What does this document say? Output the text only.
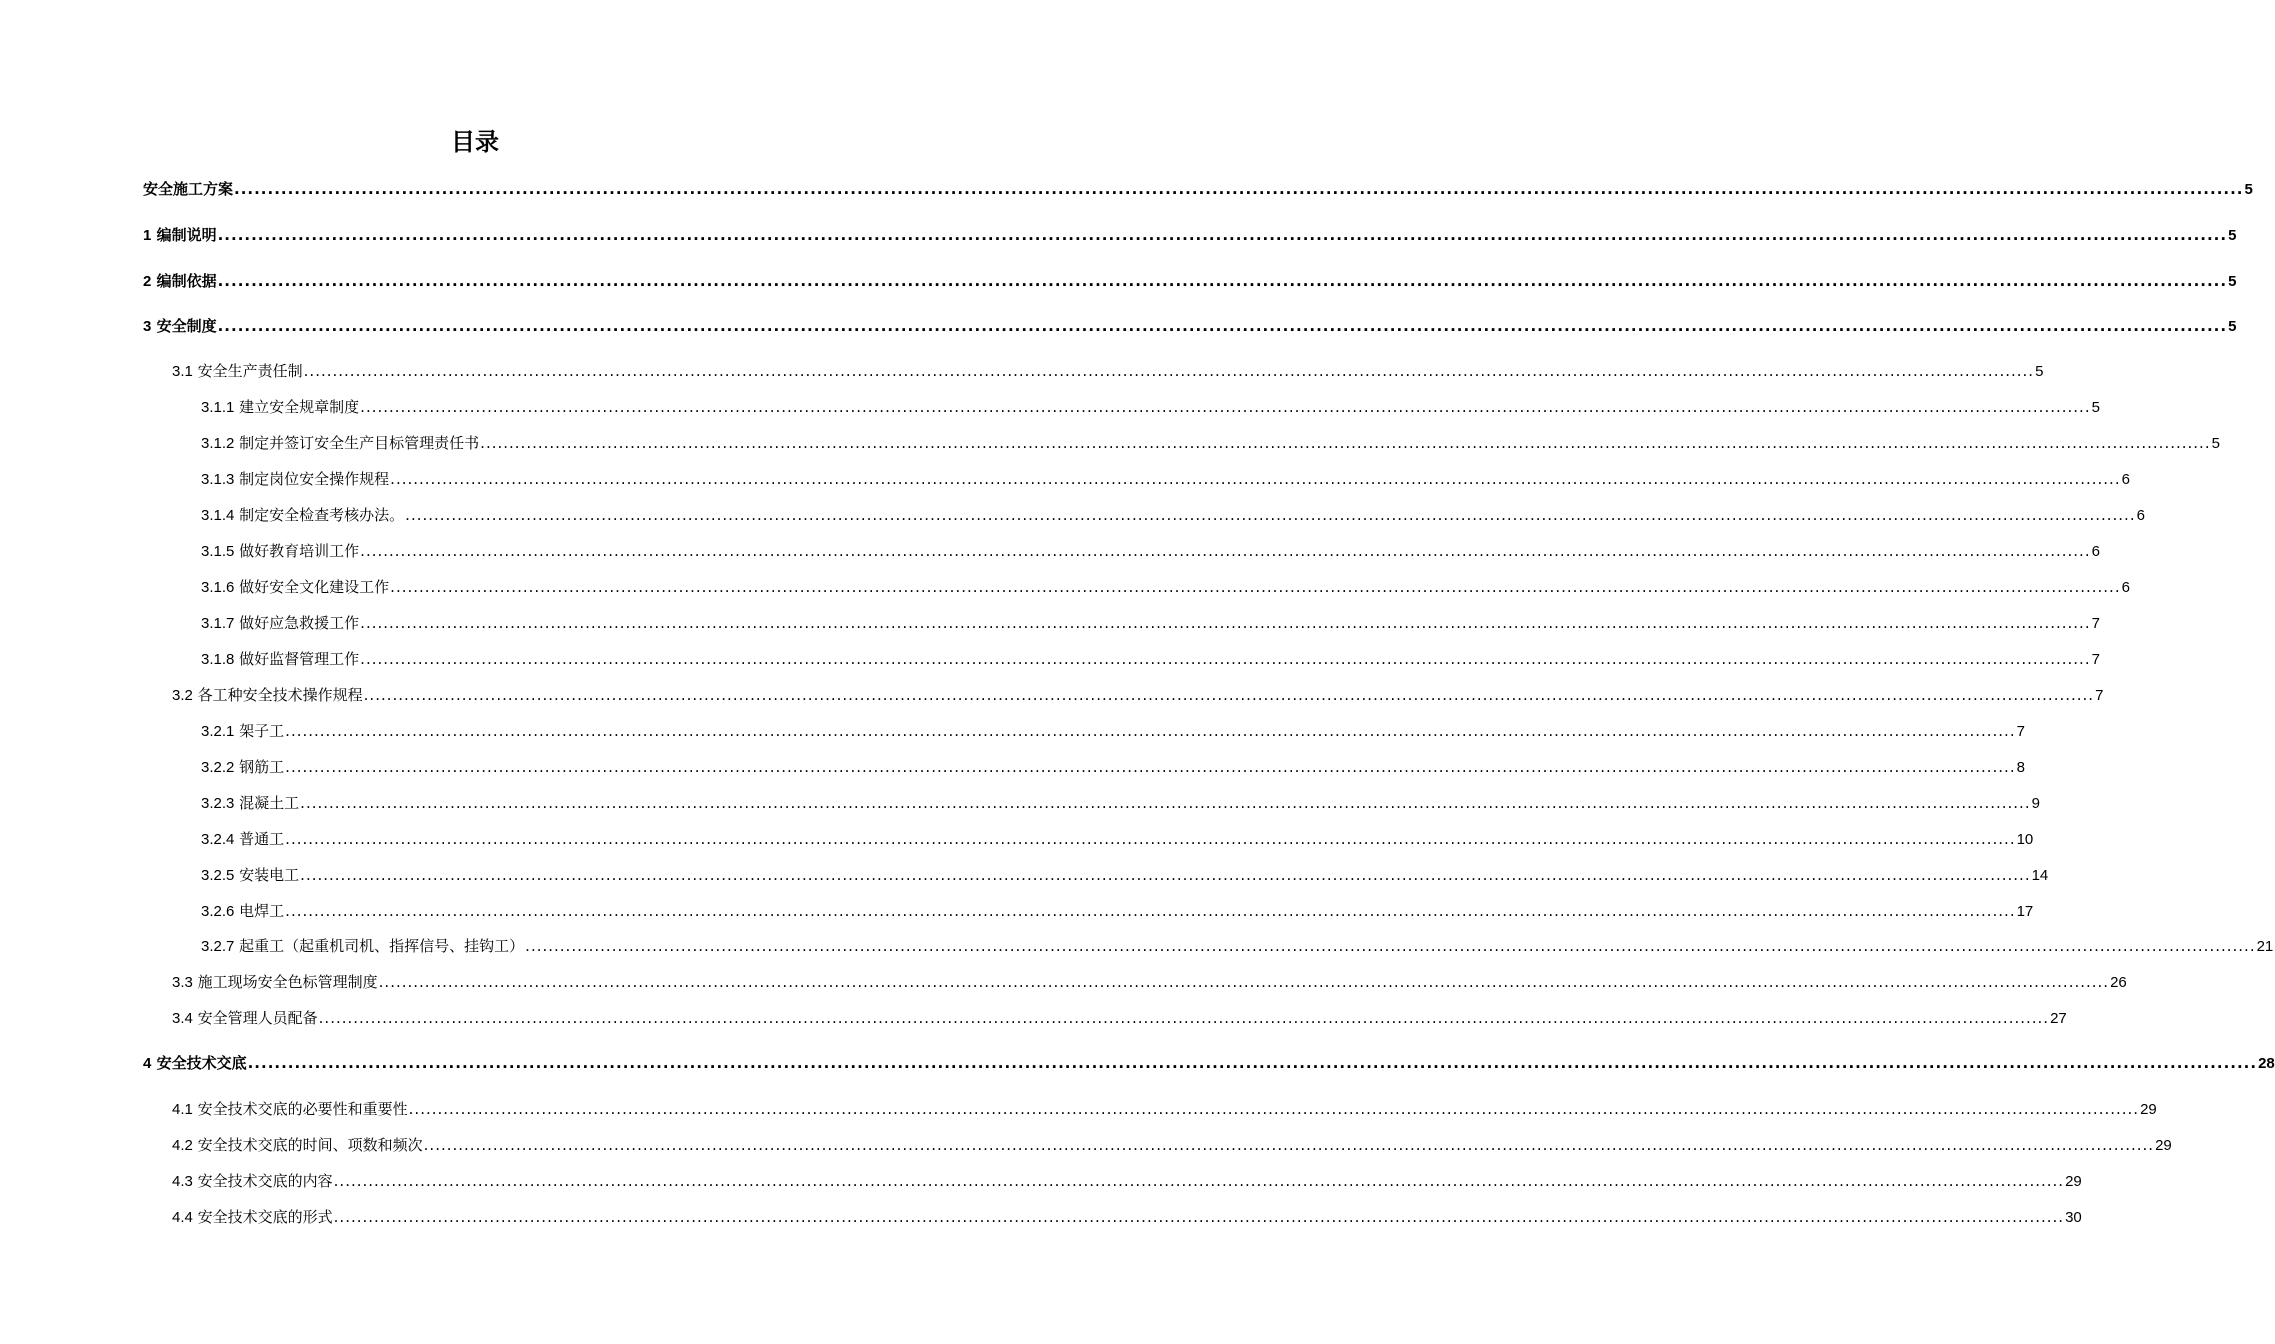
目录
安全施工方案 ............................................................................................................................................................................................................................................................................................................ 5
1 编制说明 ............................................................................................................................................................................................................................................................................................................ 5
2 编制依据 ............................................................................................................................................................................................................................................................................................................ 5
3 安全制度 ............................................................................................................................................................................................................................................................................................................ 5
3.1 安全生产责任制 ............................................................................................................................................................................................................................................................................................................ 5
3.1.1 建立安全规章制度 ............................................................................................................................................................................................................................................................................................................ 5
3.1.2 制定并签订安全生产目标管理责任书 ............................................................................................................................................................................................................................................................................................................ 5
3.1.3 制定岗位安全操作规程 ............................................................................................................................................................................................................................................................................................................ 6
3.1.4 制定安全检查考核办法。 ............................................................................................................................................................................................................................................................................................................ 6
3.1.5 做好教育培训工作 ............................................................................................................................................................................................................................................................................................................ 6
3.1.6 做好安全文化建设工作 ............................................................................................................................................................................................................................................................................................................ 6
3.1.7 做好应急救援工作 ............................................................................................................................................................................................................................................................................................................ 7
3.1.8 做好监督管理工作 ............................................................................................................................................................................................................................................................................................................ 7
3.2 各工种安全技术操作规程 ............................................................................................................................................................................................................................................................................................................ 7
3.2.1 架子工 ............................................................................................................................................................................................................................................................................................................ 7
3.2.2 钢筋工 ............................................................................................................................................................................................................................................................................................................ 8
3.2.3 混凝土工 ............................................................................................................................................................................................................................................................................................................ 9
3.2.4 普通工 ............................................................................................................................................................................................................................................................................................................ 10
3.2.5 安装电工 ............................................................................................................................................................................................................................................................................................................ 14
3.2.6 电焊工 ............................................................................................................................................................................................................................................................................................................ 17
3.2.7 起重工（起重机司机、指挥信号、挂钩工） ............................................................................................................................................................................................................................................................................................................ 21
3.3 施工现场安全色标管理制度 ............................................................................................................................................................................................................................................................................................................ 26
3.4 安全管理人员配备 ............................................................................................................................................................................................................................................................................................................ 27
4 安全技术交底 ............................................................................................................................................................................................................................................................................................................ 28
4.1 安全技术交底的必要性和重要性 ............................................................................................................................................................................................................................................................................................................ 29
4.2 安全技术交底的时间、项数和频次 ............................................................................................................................................................................................................................................................................................................ 29
4.3 安全技术交底的内容 ............................................................................................................................................................................................................................................................................................................ 29
4.4 安全技术交底的形式 ............................................................................................................................................................................................................................................................................................................ 30
